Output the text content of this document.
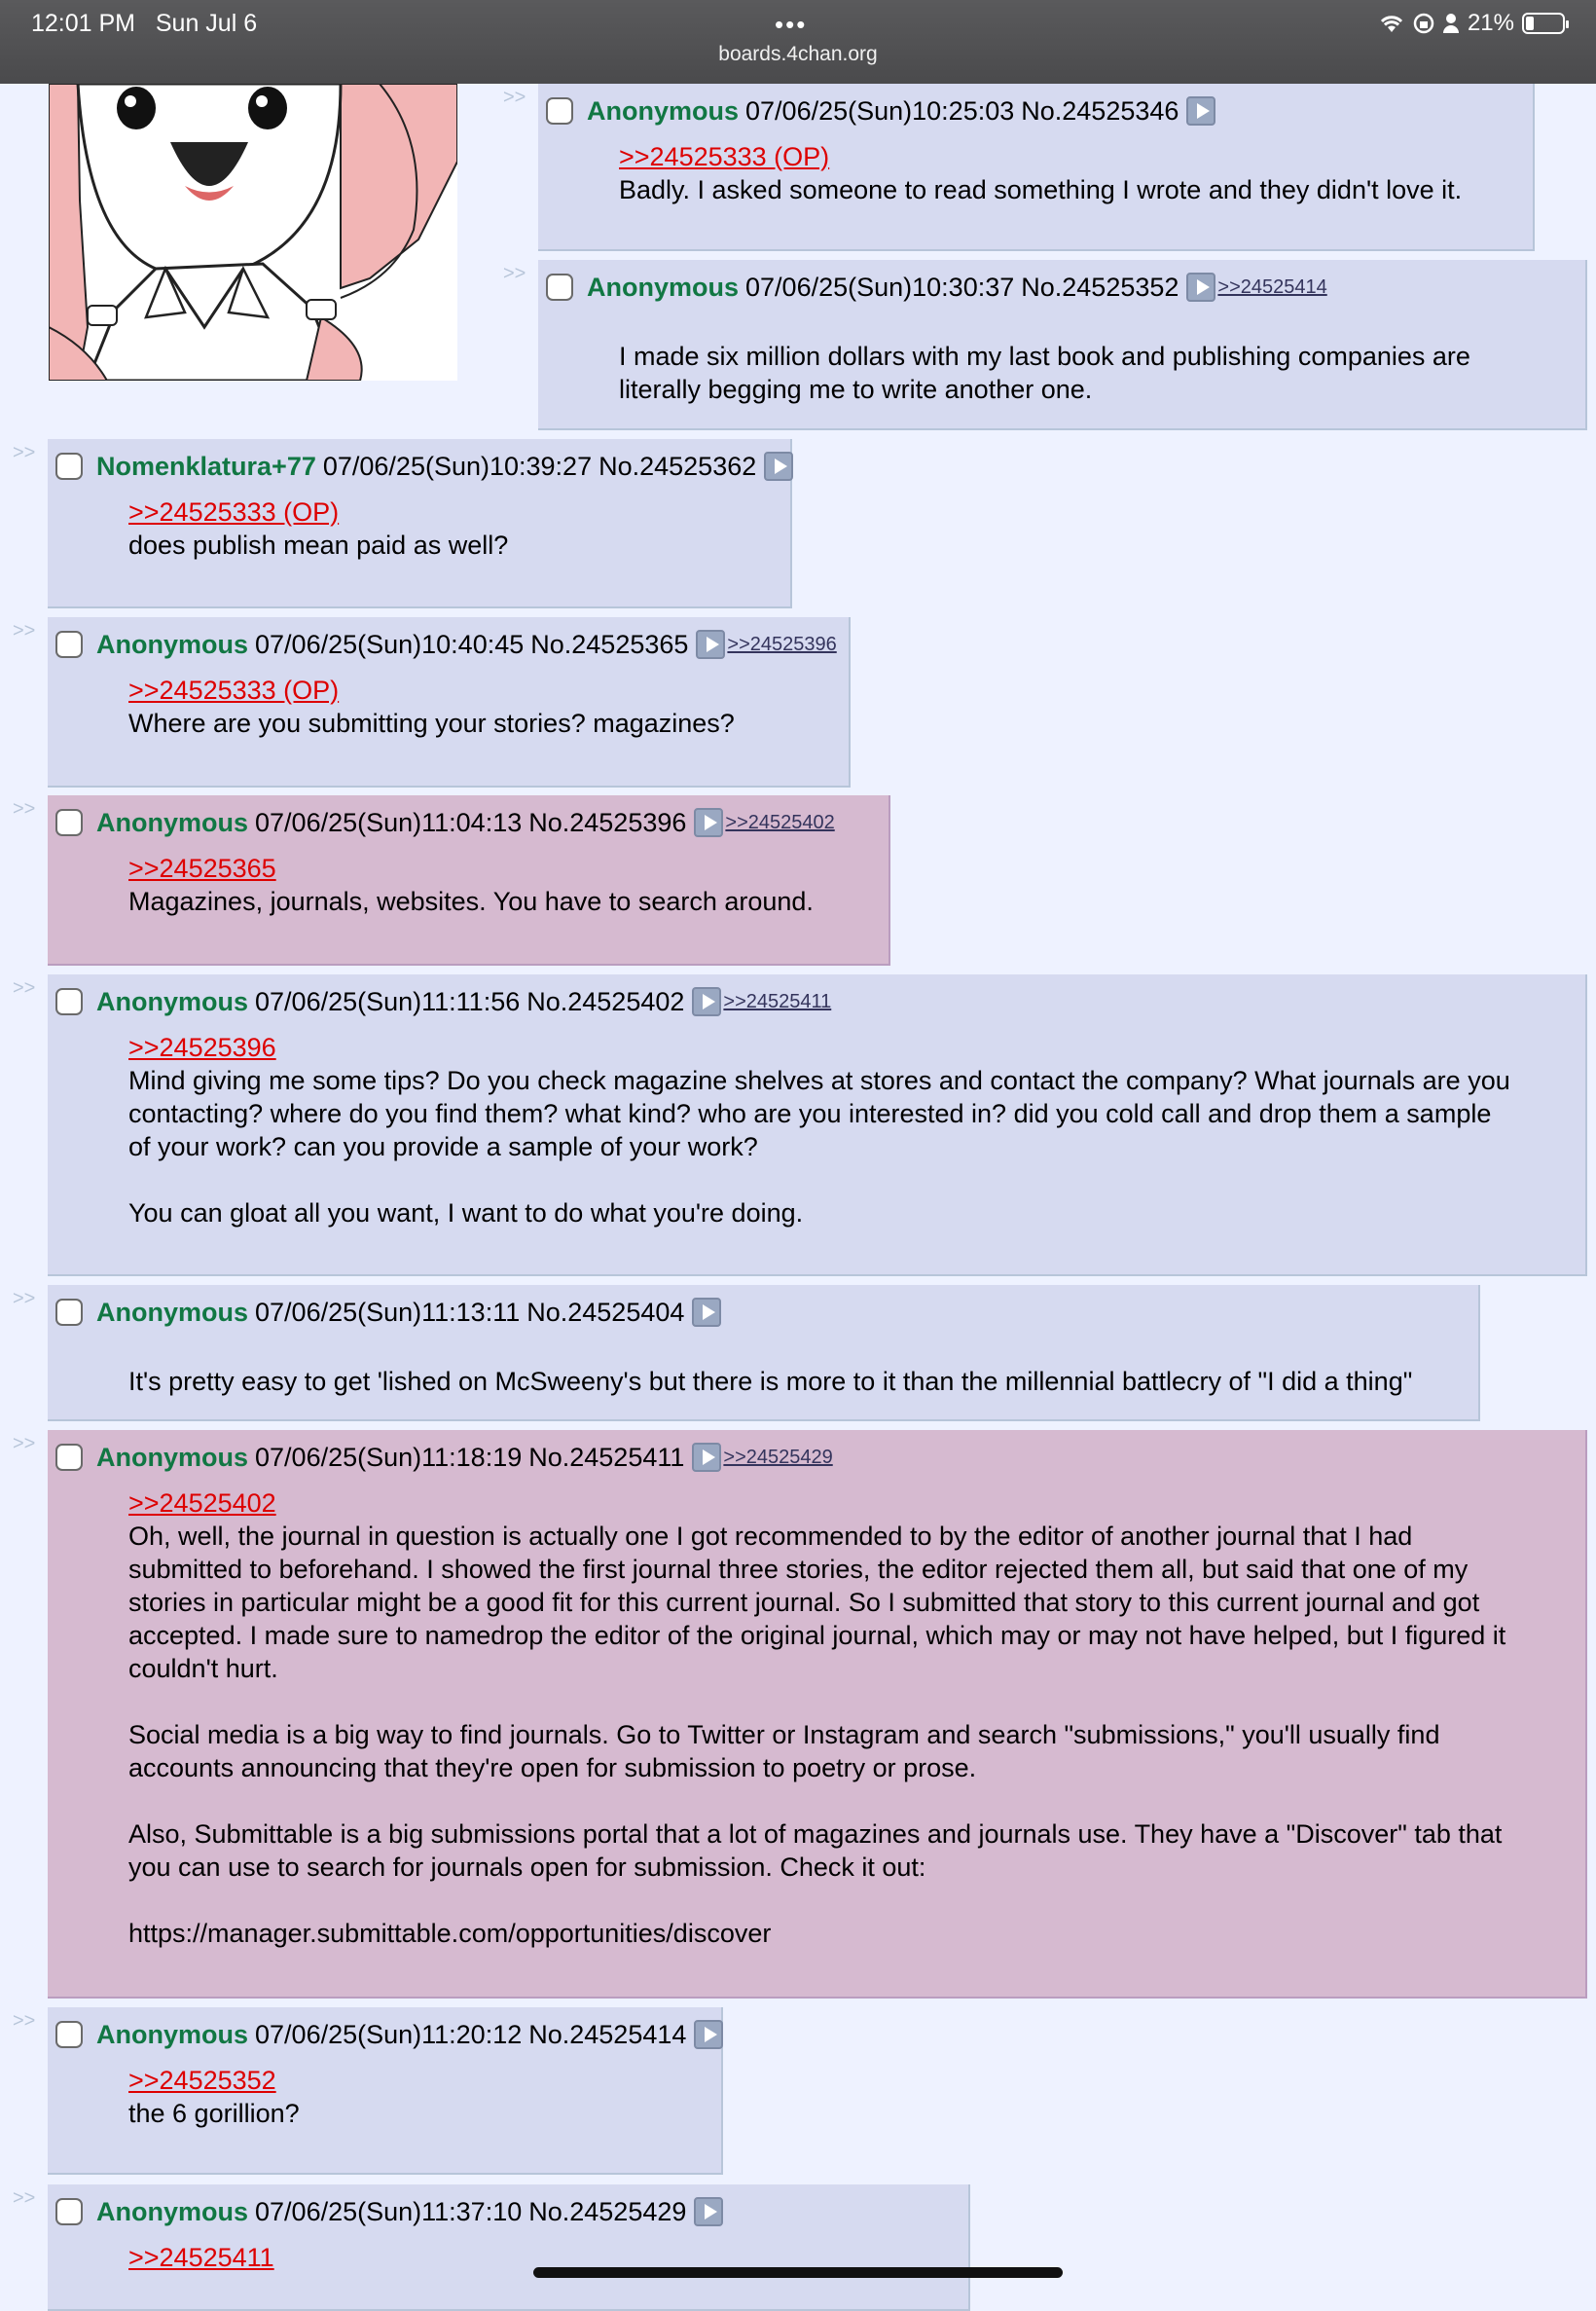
12:01 PM Sun Jul 6	•••
boards.4chan.org
21%
>> Anonymous 07/06/25(Sun)10:25:03 No.24525346
>>24525333 (OP)
Badly. I asked someone to read something I wrote and they didn't love it.
>> Anonymous 07/06/25(Sun)10:30:37 No.24525352 >>24525414
I made six million dollars with my last book and publishing companies are
literally begging me to write another one.
>> Nomenklatura+77 07/06/25(Sun)10:39:27 No.24525362
>>24525333 (OP)
does publish mean paid as well?
>> Anonymous 07/06/25(Sun)10:40:45 No.24525365 >>24525396
>>24525333 (OP)
Where are you submitting your stories? magazines?
>> Anonymous 07/06/25(Sun)11:04:13 No.24525396 >>24525402
>>24525365
Magazines, journals, websites. You have to search around.
>> Anonymous 07/06/25(Sun)11:11:56 No.24525402 >>24525411
>>24525396
Mind giving me some tips? Do you check magazine shelves at stores and contact the company? What journals are you
contacting? where do you find them? what kind? who are you interested in? did you cold call and drop them a sample
of your work? can you provide a sample of your work?

You can gloat all you want, I want to do what you're doing.
>> Anonymous 07/06/25(Sun)11:13:11 No.24525404
It's pretty easy to get 'lished on McSweeny's but there is more to it than the millennial battlecry of "I did a thing"
>> Anonymous 07/06/25(Sun)11:18:19 No.24525411 >>24525429
>>24525402
Oh, well, the journal in question is actually one I got recommended to by the editor of another journal that I had
submitted to beforehand. I showed the first journal three stories, the editor rejected them all, but said that one of my
stories in particular might be a good fit for this current journal. So I submitted that story to this current journal and got
accepted. I made sure to namedrop the editor of the original journal, which may or may not have helped, but I figured it
couldn't hurt.

Social media is a big way to find journals. Go to Twitter or Instagram and search "submissions," you'll usually find
accounts announcing that they're open for submission to poetry or prose.

Also, Submittable is a big submissions portal that a lot of magazines and journals use. They have a "Discover" tab that
you can use to search for journals open for submission. Check it out:

https://manager.submittable.com/opportunities/discover
>> Anonymous 07/06/25(Sun)11:20:12 No.24525414
>>24525352
the 6 gorillion?
>> Anonymous 07/06/25(Sun)11:37:10 No.24525429
>>24525411
